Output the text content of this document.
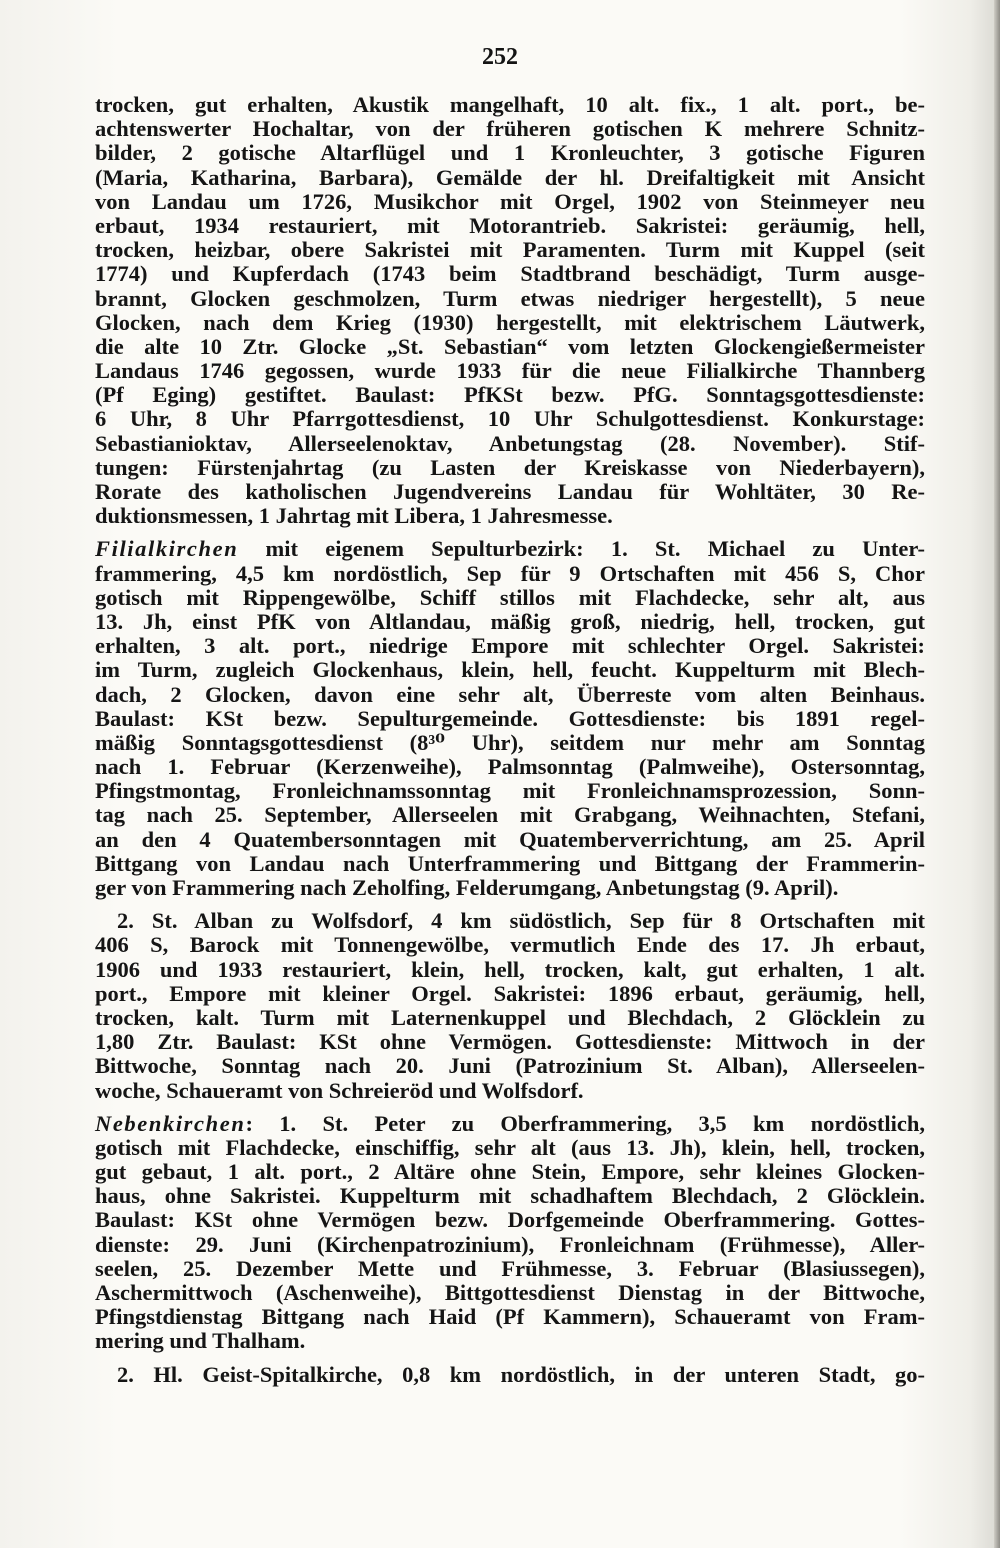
252
trocken, gut erhalten, Akustik mangelhaft, 10 alt. fix., 1 alt. port., be-
achtenswerter Hochaltar, von der früheren gotischen K mehrere Schnitz-
bilder, 2 gotische Altarflügel und 1 Kronleuchter, 3 gotische Figuren
(Maria, Katharina, Barbara), Gemälde der hl. Dreifaltigkeit mit Ansicht
von Landau um 1726, Musikchor mit Orgel, 1902 von Steinmeyer neu
erbaut, 1934 restauriert, mit Motorantrieb. Sakristei: geräumig, hell,
trocken, heizbar, obere Sakristei mit Paramenten. Turm mit Kuppel (seit
1774) und Kupferdach (1743 beim Stadtbrand beschädigt, Turm ausge-
brannt, Glocken geschmolzen, Turm etwas niedriger hergestellt), 5 neue
Glocken, nach dem Krieg (1930) hergestellt, mit elektrischem Läutwerk,
die alte 10 Ztr. Glocke „St. Sebastian“ vom letzten Glockengießermeister
Landaus 1746 gegossen, wurde 1933 für die neue Filialkirche Thannberg
(Pf Eging) gestiftet. Baulast: PfKSt bezw. PfG. Sonntagsgottesdienste:
6 Uhr, 8 Uhr Pfarrgottesdienst, 10 Uhr Schulgottesdienst. Konkurstage:
Sebastianioktav, Allerseelenoktav, Anbetungstag (28. November). Stif-
tungen: Fürstenjahrtag (zu Lasten der Kreiskasse von Niederbayern),
Rorate des katholischen Jugendvereins Landau für Wohltäter, 30 Re-
duktionsmessen, 1 Jahrtag mit Libera, 1 Jahresmesse.
Filialkirchen mit eigenem Sepulturbezirk: 1. St. Michael zu Unter-
frammering, 4,5 km nordöstlich, Sep für 9 Ortschaften mit 456 S, Chor
gotisch mit Rippengewölbe, Schiff stillos mit Flachdecke, sehr alt, aus
13. Jh, einst PfK von Altlandau, mäßig groß, niedrig, hell, trocken, gut
erhalten, 3 alt. port., niedrige Empore mit schlechter Orgel. Sakristei:
im Turm, zugleich Glockenhaus, klein, hell, feucht. Kuppelturm mit Blech-
dach, 2 Glocken, davon eine sehr alt, Überreste vom alten Beinhaus.
Baulast: KSt bezw. Sepulturgemeinde. Gottesdienste: bis 1891 regel-
mäßig Sonntagsgottesdienst (8³⁰ Uhr), seitdem nur mehr am Sonntag
nach 1. Februar (Kerzenweihe), Palmsonntag (Palmweihe), Ostersonntag,
Pfingstmontag, Fronleichnamssonntag mit Fronleichnamsprozession, Sonn-
tag nach 25. September, Allerseelen mit Grabgang, Weihnachten, Stefani,
an den 4 Quatembersonntagen mit Quatemberverrichtung, am 25. April
Bittgang von Landau nach Unterframmering und Bittgang der Frammerin-
ger von Frammering nach Zeholfing, Felderumgang, Anbetungstag (9. April).
2. St. Alban zu Wolfsdorf, 4 km südöstlich, Sep für 8 Ortschaften mit
406 S, Barock mit Tonnengewölbe, vermutlich Ende des 17. Jh erbaut,
1906 und 1933 restauriert, klein, hell, trocken, kalt, gut erhalten, 1 alt.
port., Empore mit kleiner Orgel. Sakristei: 1896 erbaut, geräumig, hell,
trocken, kalt. Turm mit Laternenkuppel und Blechdach, 2 Glöcklein zu
1,80 Ztr. Baulast: KSt ohne Vermögen. Gottesdienste: Mittwoch in der
Bittwoche, Sonntag nach 20. Juni (Patrozinium St. Alban), Allerseelen-
woche, Schaueramt von Schreieröd und Wolfsdorf.
Nebenkirchen: 1. St. Peter zu Oberframmering, 3,5 km nordöstlich,
gotisch mit Flachdecke, einschiffig, sehr alt (aus 13. Jh), klein, hell, trocken,
gut gebaut, 1 alt. port., 2 Altäre ohne Stein, Empore, sehr kleines Glocken-
haus, ohne Sakristei. Kuppelturm mit schadhaftem Blechdach, 2 Glöcklein.
Baulast: KSt ohne Vermögen bezw. Dorfgemeinde Oberframmering. Gottes-
dienste: 29. Juni (Kirchenpatrozinium), Fronleichnam (Frühmesse), Aller-
seelen, 25. Dezember Mette und Frühmesse, 3. Februar (Blasiussegen),
Aschermittwoch (Aschenweihe), Bittgottesdienst Dienstag in der Bittwoche,
Pfingstdienstag Bittgang nach Haid (Pf Kammern), Schaueramt von Fram-
mering und Thalham.
2. Hl. Geist-Spitalkirche, 0,8 km nordöstlich, in der unteren Stadt, go-
